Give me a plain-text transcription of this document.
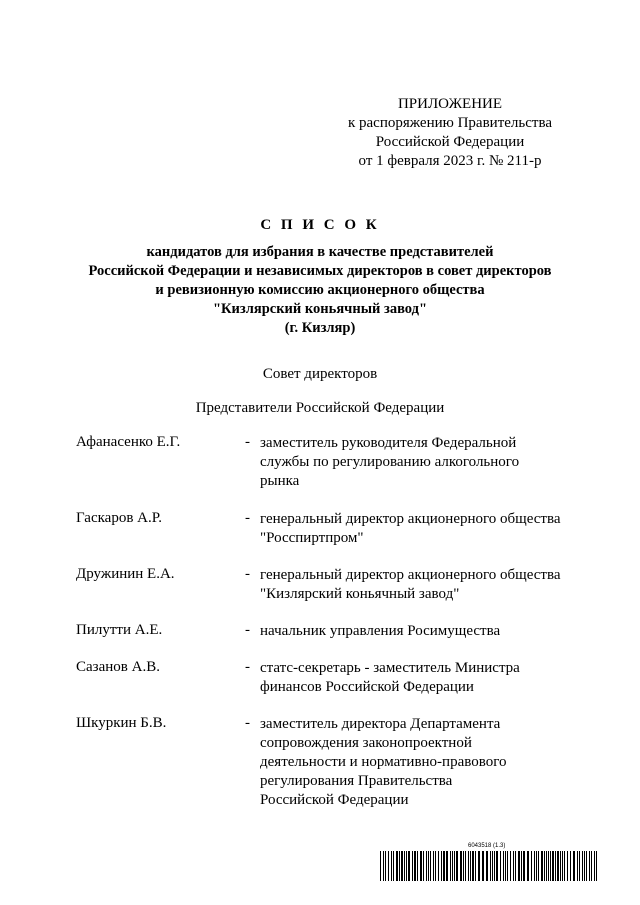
ПРИЛОЖЕНИЕ
к распоряжению Правительства
Российской Федерации
от 1 февраля 2023 г. № 211-р
С П И С О К
кандидатов для избрания в качестве представителей
Российской Федерации и независимых директоров в совет директоров
и ревизионную комиссию акционерного общества
"Кизлярский коньячный завод"
(г. Кизляр)
Совет директоров
Представители Российской Федерации
Афанасенко Е.Г.	- заместитель руководителя Федеральной
службы по регулированию алкогольного
рынка
Гаскаров А.Р.	- генеральный директор акционерного общества
"Росспиртпром"
Дружинин Е.А.	- генеральный директор акционерного общества
"Кизлярский коньячный завод"
Пилутти А.Е.	- начальник управления Росимущества
Сазанов А.В.	- статс-секретарь - заместитель Министра
финансов Российской Федерации
Шкуркин Б.В.	- заместитель директора Департамента
сопровождения законопроектной
деятельности и нормативно-правового
регулирования Правительства
Российской Федерации
6043518 (1.3)
